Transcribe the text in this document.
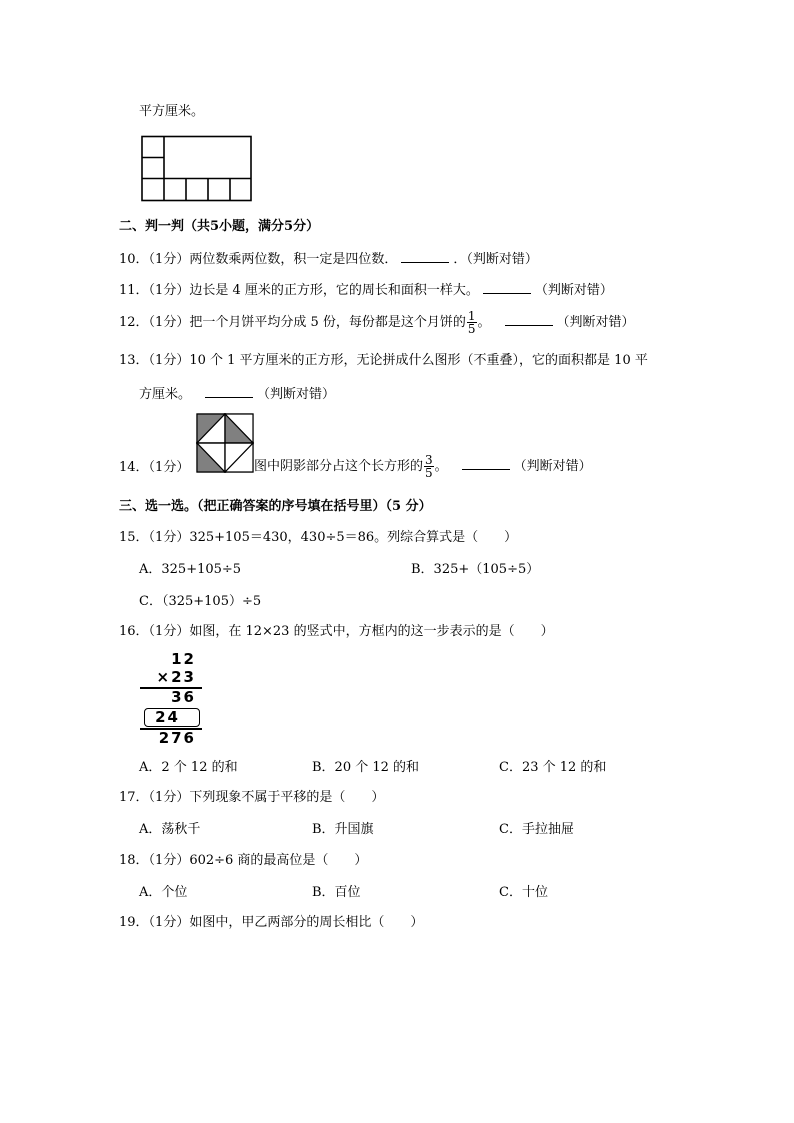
平方厘米。
二、判一判（共5小题，满分5分）
10．（1分）两位数乘两位数，积一定是四位数．	．（判断对错）
11．（1分）边长是 4 厘米的正方形，它的周长和面积一样大。	（判断对错）
12．（1分）把一个月饼平均分成 5 份，每份都是这个月饼的 $\frac{1}{5}$ 。	（判断对错）
13．（1分）10 个 1 平方厘米的正方形，无论拼成什么图形（不重叠），它的面积都是 10 平
方厘米。	（判断对错）
14．（1分）	图中阴影部分占这个长方形的 $\frac{3}{5}$ 。	（判断对错）
三、选一选。（把正确答案的序号填在括号里）（5 分）
15．（1分）325+105＝430，430÷5＝86。列综合算式是（　　）
A．325+105÷5	B．325+（105÷5）
C．（325+105）÷5
16．（1分）如图，在 12×23 的竖式中，方框内的这一步表示的是（　　）
12
×23
36
24
276
A．2 个 12 的和	B．20 个 12 的和	C．23 个 12 的和
17．（1分）下列现象不属于平移的是（　　）
A．荡秋千	B．升国旗	C．手拉抽屉
18．（1分）602÷6 商的最高位是（　　）
A．个位	B．百位	C．十位
19．（1分）如图中，甲乙两部分的周长相比（　　）
